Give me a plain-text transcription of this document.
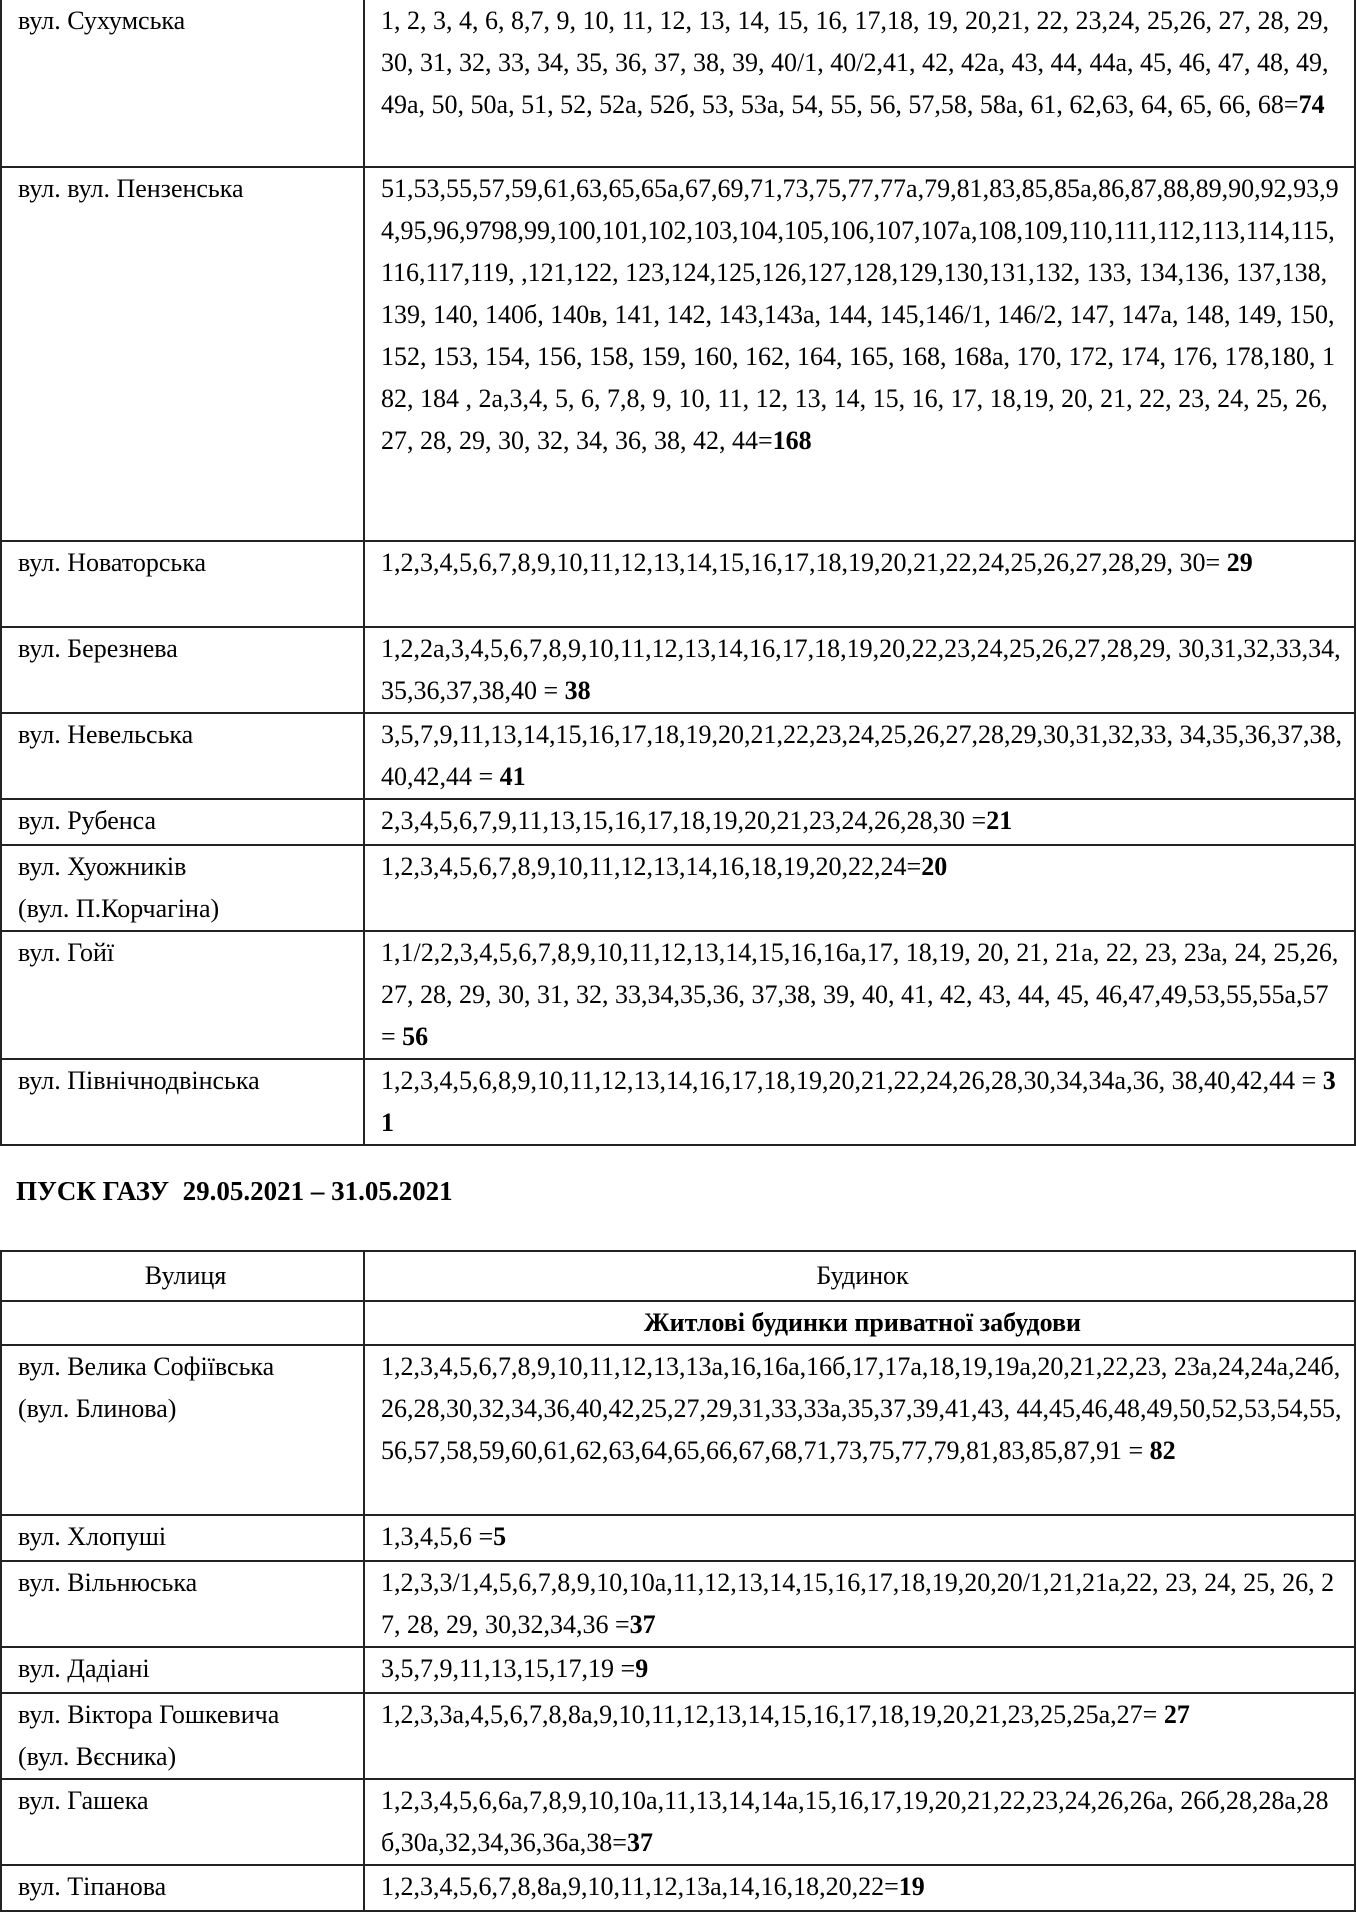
вул. Сухумська	1, 2, 3, 4, 6, 8,7, 9, 10, 11, 12, 13, 14, 15, 16, 17,18, 19, 20,21, 22, 23,24, 25,26, 27, 28, 29, 30, 31, 32, 33, 34, 35, 36, 37, 38, 39, 40/1, 40/2,41, 42, 42а, 43, 44, 44а, 45, 46, 47, 48, 49, 49а, 50, 50а, 51, 52, 52а, 52б, 53, 53а, 54, 55, 56, 57,58, 58а, 61, 62,63, 64, 65, 66, 68=74

вул. вул. Пензенська	51,53,55,57,59,61,63,65,65а,67,69,71,73,75,77,77а,79,81,83,85,85а,86,87,88,89,90,92,93,94,95,96,9798,99,100,101,102,103,104,105,106,107,107а,108,109,110,111,112,113,114,115,116,117,119, ,121,122, 123,124,125,126,127,128,129,130,131,132, 133, 134,136, 137,138, 139, 140, 140б, 140в, 141, 142, 143,143а, 144, 145,146/1, 146/2, 147, 147а, 148, 149, 150,152, 153, 154, 156, 158, 159, 160, 162, 164, 165, 168, 168а, 170, 172, 174, 176, 178,180, 182, 184 , 2а,3,4, 5, 6, 7,8, 9, 10, 11, 12, 13, 14, 15, 16, 17, 18,19, 20, 21, 22, 23, 24, 25, 26, 27, 28, 29, 30, 32, 34, 36, 38, 42, 44=168

вул. Новаторська	1,2,3,4,5,6,7,8,9,10,11,12,13,14,15,16,17,18,19,20,21,22,24,25,26,27,28,29, 30= 29

вул. Березнева	1,2,2а,3,4,5,6,7,8,9,10,11,12,13,14,16,17,18,19,20,22,23,24,25,26,27,28,29, 30,31,32,33,34,35,36,37,38,40 = 38

вул. Невельська	3,5,7,9,11,13,14,15,16,17,18,19,20,21,22,23,24,25,26,27,28,29,30,31,32,33, 34,35,36,37,38,40,42,44 = 41

вул. Рубенса	2,3,4,5,6,7,9,11,13,15,16,17,18,19,20,21,23,24,26,28,30 =21

вул. Хуожників
(вул. П.Корчагіна)	1,2,3,4,5,6,7,8,9,10,11,12,13,14,16,18,19,20,22,24=20

вул. Гойї	1,1/2,2,3,4,5,6,7,8,9,10,11,12,13,14,15,16,16а,17, 18,19, 20, 21, 21а, 22, 23, 23а, 24, 25,26, 27, 28, 29, 30, 31, 32, 33,34,35,36, 37,38, 39, 40, 41, 42, 43, 44, 45, 46,47,49,53,55,55а,57 = 56

вул. Північнодвінська	1,2,3,4,5,6,8,9,10,11,12,13,14,16,17,18,19,20,21,22,24,26,28,30,34,34а,36, 38,40,42,44 = 31
ПУСК ГАЗУ  29.05.2021 – 31.05.2021
Вулиця	Будинок
	Житлові будинки приватної забудови

вул. Велика Софіївська
(вул. Блинова)	1,2,3,4,5,6,7,8,9,10,11,12,13,13а,16,16а,16б,17,17а,18,19,19а,20,21,22,23, 23а,24,24а,24б,26,28,30,32,34,36,40,42,25,27,29,31,33,33а,35,37,39,41,43, 44,45,46,48,49,50,52,53,54,55,56,57,58,59,60,61,62,63,64,65,66,67,68,71,73,75,77,79,81,83,85,87,91 = 82

вул. Хлопуші	1,3,4,5,6 =5

вул. Вільнюська	1,2,3,3/1,4,5,6,7,8,9,10,10а,11,12,13,14,15,16,17,18,19,20,20/1,21,21а,22, 23, 24, 25, 26, 27, 28, 29, 30,32,34,36 =37

вул. Дадіані	3,5,7,9,11,13,15,17,19 =9

вул. Віктора Гошкевича
(вул. Вєсника)	1,2,3,3а,4,5,6,7,8,8а,9,10,11,12,13,14,15,16,17,18,19,20,21,23,25,25а,27= 27

вул. Гашека	1,2,3,4,5,6,6а,7,8,9,10,10а,11,13,14,14а,15,16,17,19,20,21,22,23,24,26,26а, 26б,28,28а,28б,30а,32,34,36,36а,38=37

вул. Тіпанова	1,2,3,4,5,6,7,8,8а,9,10,11,12,13а,14,16,18,20,22=19
